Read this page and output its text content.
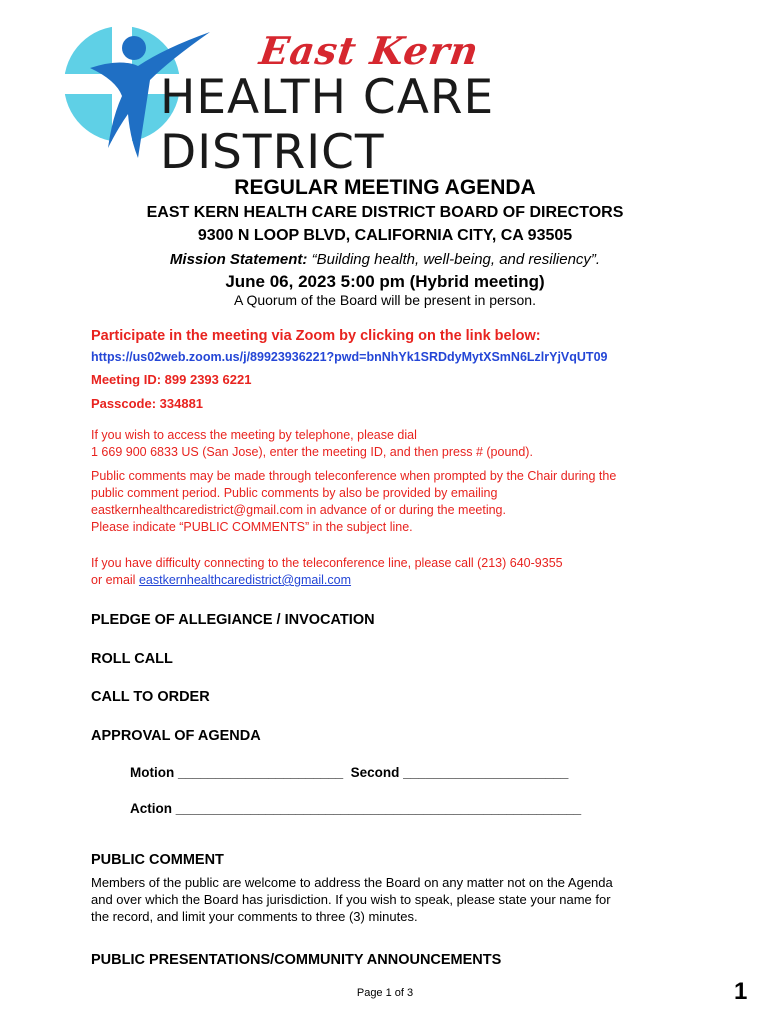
East Kern
HEALTH CARE DISTRICT
REGULAR MEETING AGENDA
EAST KERN HEALTH CARE DISTRICT BOARD OF DIRECTORS
9300 N LOOP BLVD, CALIFORNIA CITY, CA 93505
Mission Statement: “Building health, well-being, and resiliency”.
June 06, 2023 5:00 pm (Hybrid meeting)
A Quorum of the Board will be present in person.
Participate in the meeting via Zoom by clicking on the link below:
https://us02web.zoom.us/j/89923936221?pwd=bnNhYk1SRDdyMytXSmN6LzlrYjVqUT09
Meeting ID: 899 2393 6221
Passcode: 334881
If you wish to access the meeting by telephone, please dial
1 669 900 6833 US (San Jose), enter the meeting ID, and then press # (pound).
Public comments may be made through teleconference when prompted by the Chair during the
public comment period. Public comments by also be provided by emailing
eastkernhealthcaredistrict@gmail.com in advance of or during the meeting.
Please indicate “PUBLIC COMMENTS” in the subject line.
If you have difficulty connecting to the teleconference line, please call (213) 640-9355
or email eastkernhealthcaredistrict@gmail.com
PLEDGE OF ALLEGIANCE / INVOCATION
ROLL CALL
CALL TO ORDER
APPROVAL OF AGENDA
Motion ______________________  Second ______________________
Action ______________________________________________________
PUBLIC COMMENT
Members of the public are welcome to address the Board on any matter not on the Agenda
and over which the Board has jurisdiction. If you wish to speak, please state your name for
the record, and limit your comments to three (3) minutes.
PUBLIC PRESENTATIONS/COMMUNITY ANNOUNCEMENTS
Page 1 of 3	1
